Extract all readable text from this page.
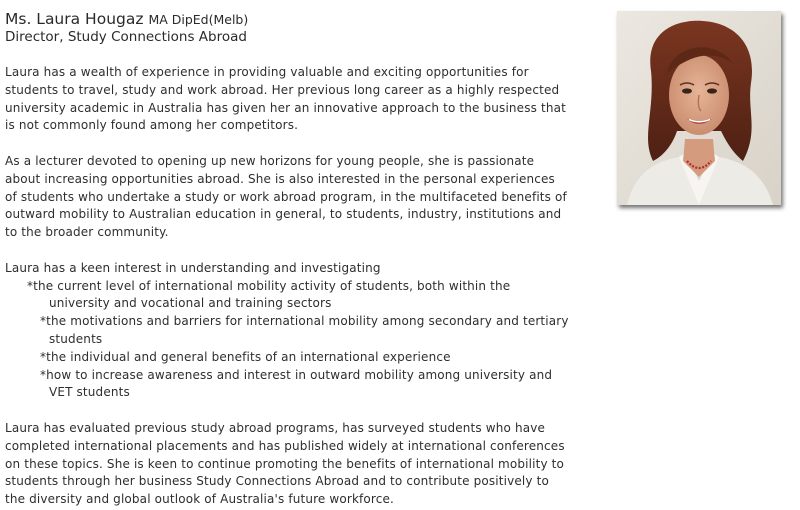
Ms. Laura Hougaz MA DipEd(Melb)
Director, Study Connections Abroad

Laura has a wealth of experience in providing valuable and exciting opportunities for
students to travel, study and work abroad. Her previous long career as a highly respected
university academic in Australia has given her an innovative approach to the business that
is not commonly found among her competitors.

As a lecturer devoted to opening up new horizons for young people, she is passionate
about increasing opportunities abroad. She is also interested in the personal experiences
of students who undertake a study or work abroad program, in the multifaceted benefits of
outward mobility to Australian education in general, to students, industry, institutions and
to the broader community.

Laura has a keen interest in understanding and investigating

*the current level of international mobility activity of students, both within the
university and vocational and training sectors
*the motivations and barriers for international mobility among secondary and tertiary
students
*the individual and general benefits of an international experience
*how to increase awareness and interest in outward mobility among university and
VET students

Laura has evaluated previous study abroad programs, has surveyed students who have
completed international placements and has published widely at international conferences
on these topics. She is keen to continue promoting the benefits of international mobility to
students through her business Study Connections Abroad and to contribute positively to
the diversity and global outlook of Australia's future workforce.
